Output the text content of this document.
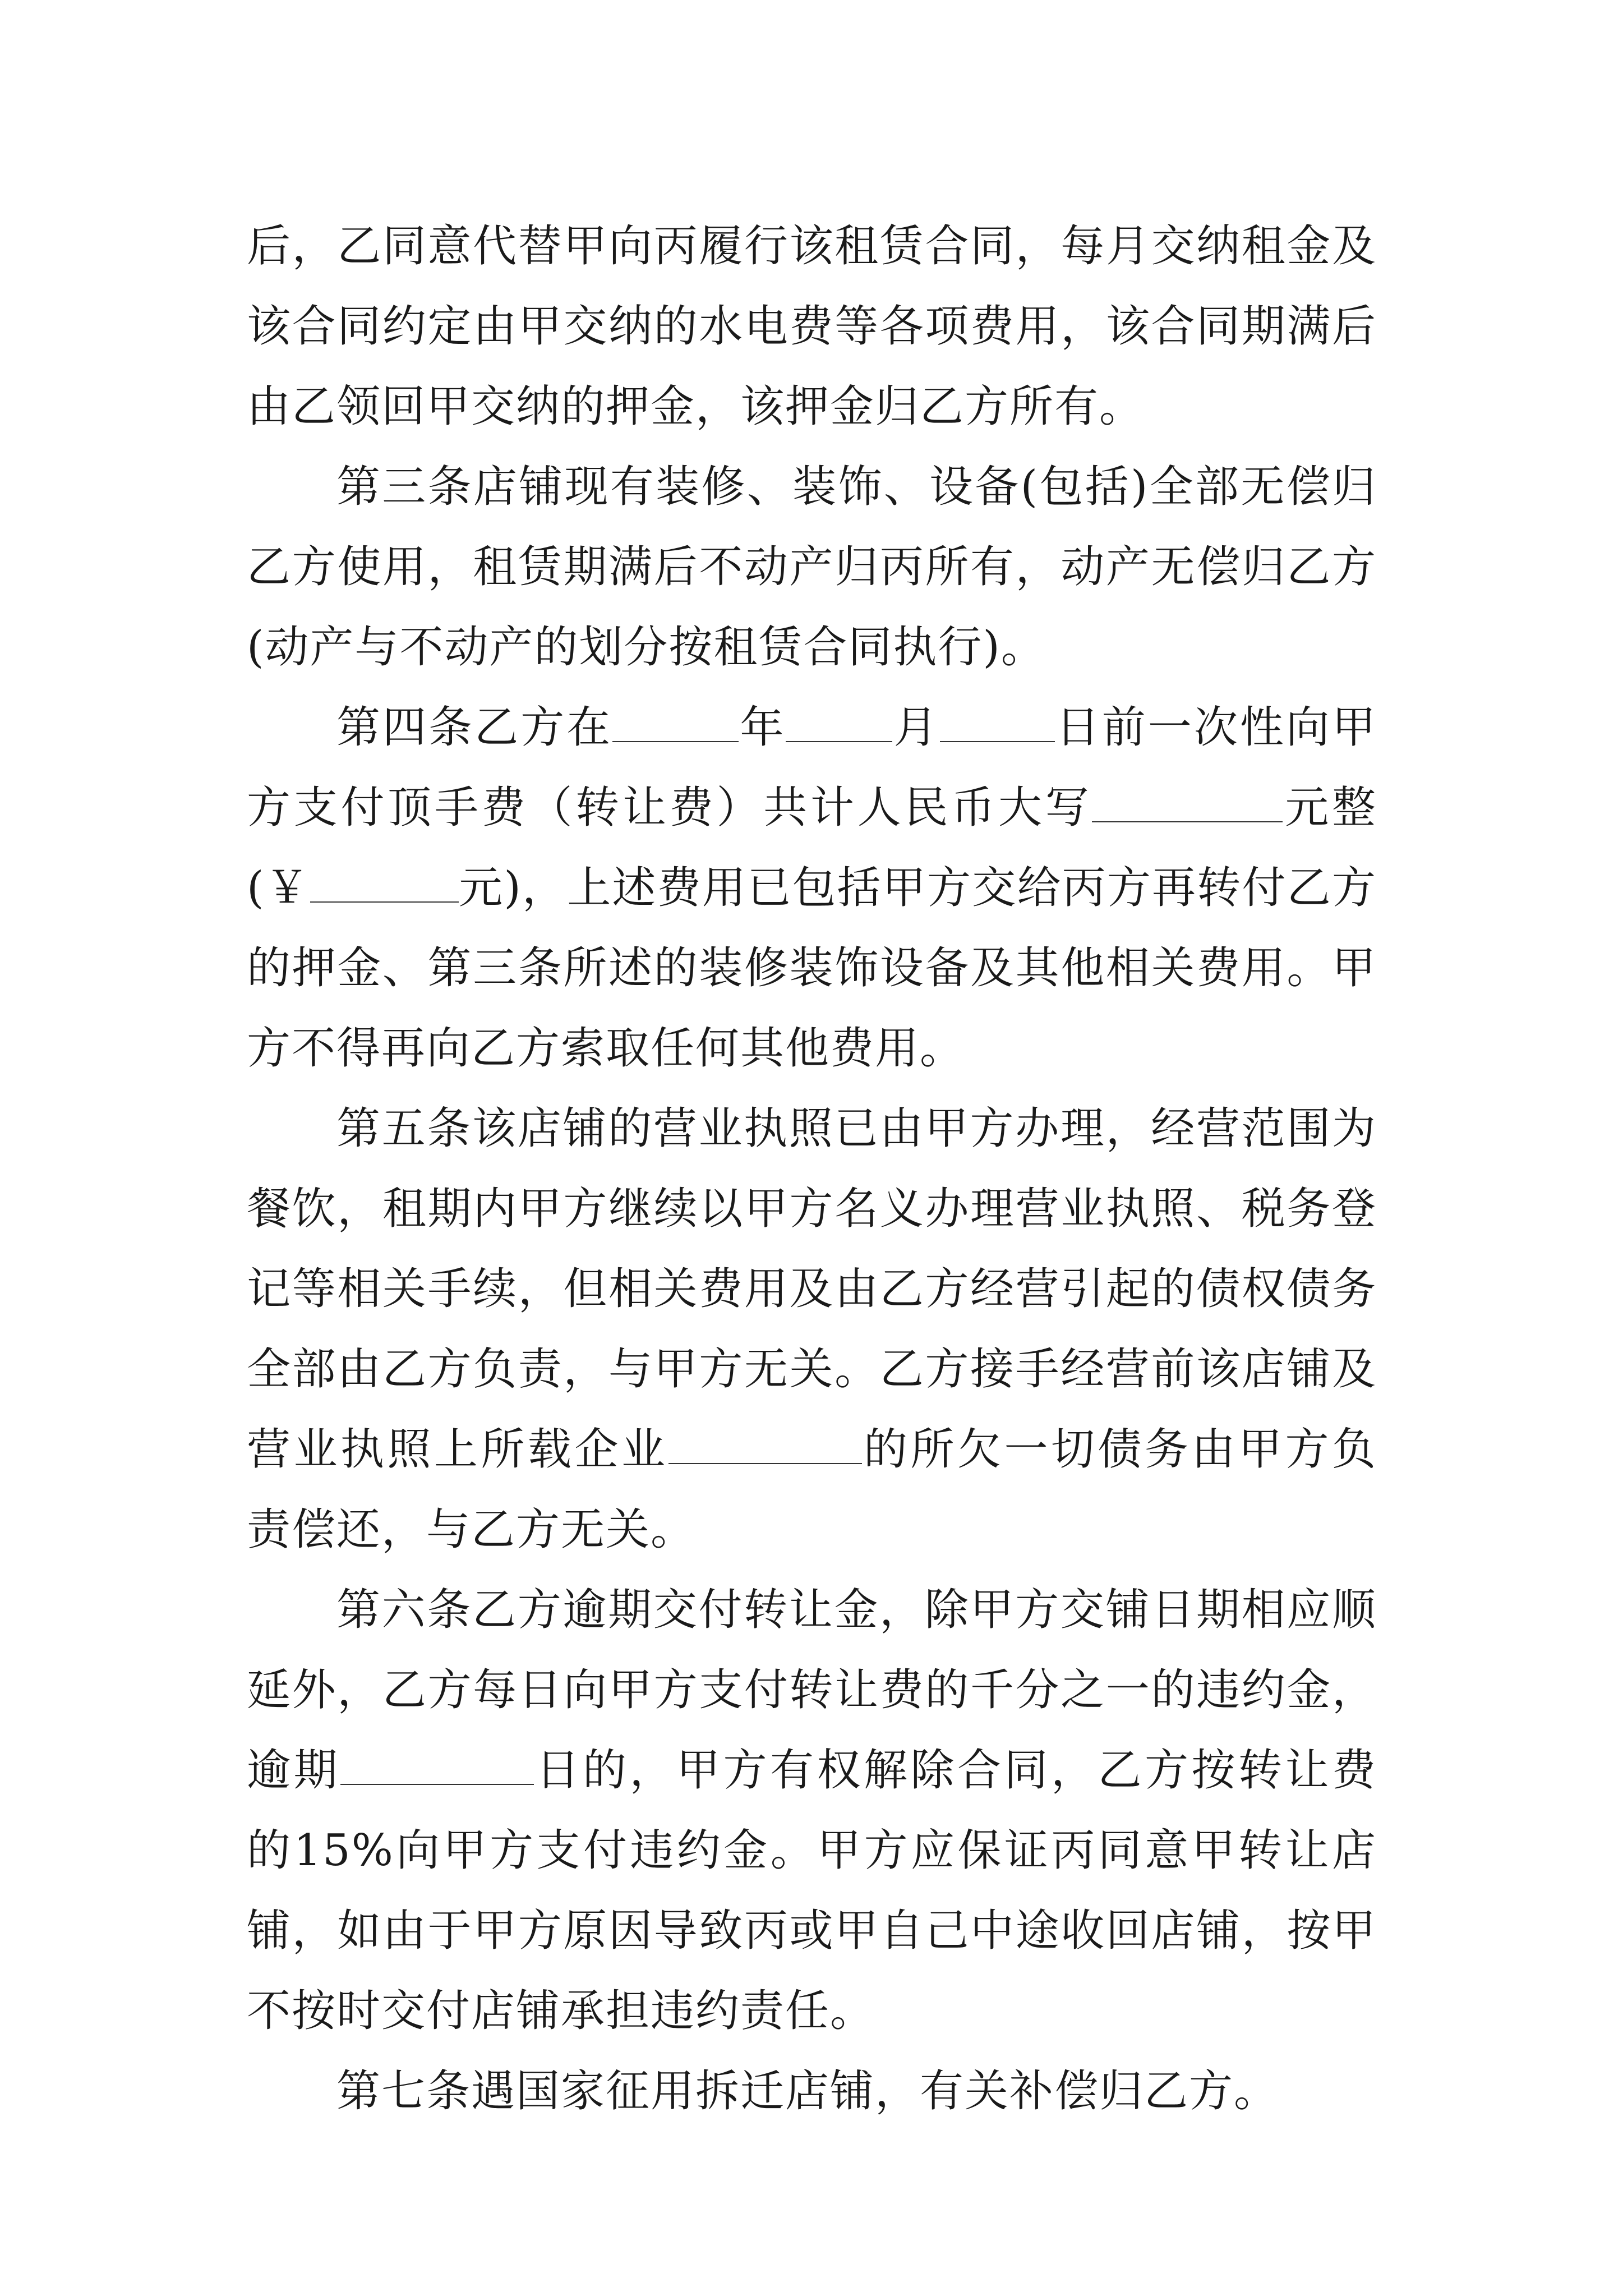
后，乙同意代替甲向丙履行该租赁合同，每月交纳租金及该合同约定由甲交纳的水电费等各项费用，该合同期满后由乙领回甲交纳的押金，该押金归乙方所有。

第三条店铺现有装修、装饰、设备(包括)全部无偿归乙方使用，租赁期满后不动产归丙所有，动产无偿归乙方(动产与不动产的划分按租赁合同执行)。

第四条乙方在	年 月	日前一次性向甲方支付顶手费（转让费）共计人民币大写	元整(￥	元)，上述费用已包括甲方交给丙方再转付乙方的押金、第三条所述的装修装饰设备及其他相关费用。甲方不得再向乙方索取任何其他费用。

第五条该店铺的营业执照已由甲方办理，经营范围为餐饮，租期内甲方继续以甲方名义办理营业执照、税务登记等相关手续，但相关费用及由乙方经营引起的债权债务全部由乙方负责，与甲方无关。乙方接手经营前该店铺及营业执照上所载企业	的所欠一切债务由甲方负责偿还，与乙方无关。

第六条乙方逾期交付转让金，除甲方交铺日期相应顺延外，乙方每日向甲方支付转让费的千分之一的违约金，逾期	日的，甲方有权解除合同，乙方按转让费的15%向甲方支付违约金。甲方应保证丙同意甲转让店铺，如由于甲方原因导致丙或甲自己中途收回店铺，按甲不按时交付店铺承担违约责任。

第七条遇国家征用拆迁店铺，有关补偿归乙方。
